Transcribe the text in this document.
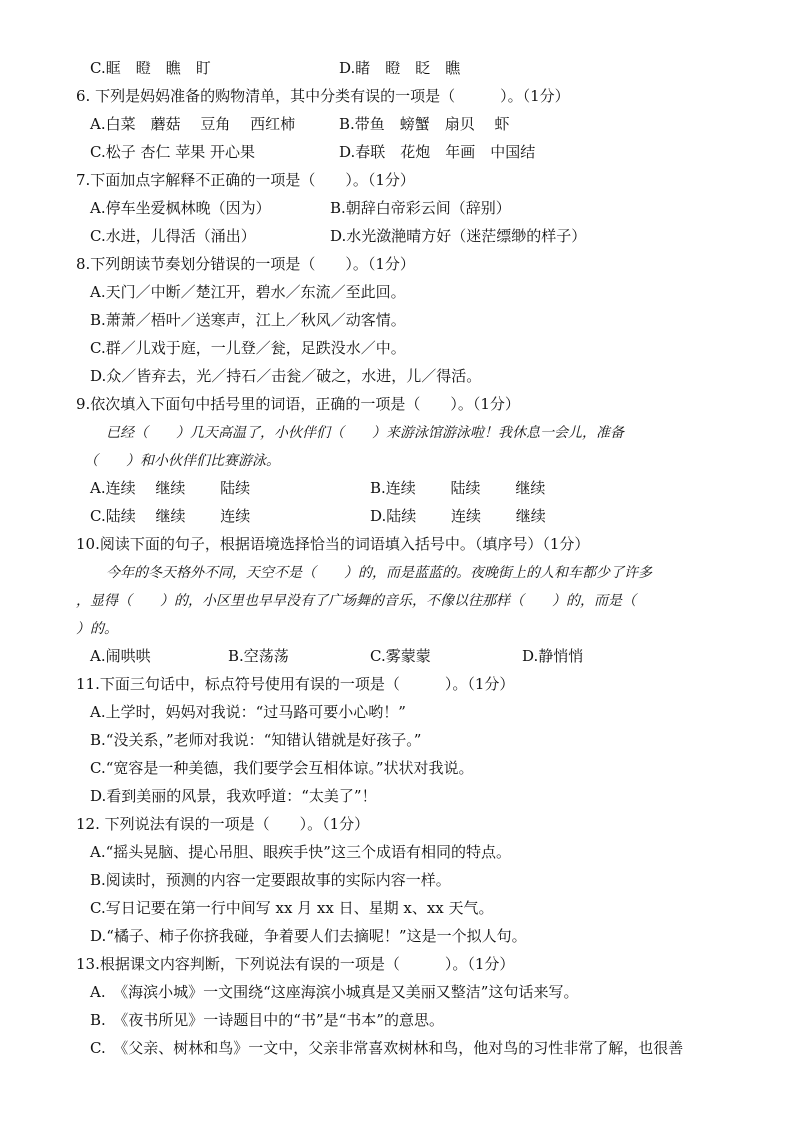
C.眶　瞪　瞧　盯	D.睹　瞪　眨　瞧
6. 下列是妈妈准备的购物清单，其中分类有误的一项是（　　　）。（1分）
A.白菜　蘑菇　 豆角　 西红柿	B.带鱼　螃蟹　扇贝　 虾
C.松子 杏仁 苹果 开心果	D.春联　花炮　年画　中国结
7.下面加点字解释不正确的一项是（　　）。（1分）
A.停车坐爱枫林晚（因为）	B.朝辞白帝彩云间（辞别）
C.水进，儿得活（涌出）	D.水光潋滟晴方好（迷茫缥缈的样子）
8.下列朗读节奏划分错误的一项是（　　）。（1分）
A.天门／中断／楚江开，碧水／东流／至此回。
B.萧萧／梧叶／送寒声，江上／秋风／动客情。
C.群／儿戏于庭，一儿登／瓮，足跌没水／中。
D.众／皆弃去，光／持石／击瓮／破之，水进，儿／得活。
9.依次填入下面句中括号里的词语，正确的一项是（　　）。（1分）
已经（　　）几天高温了，小伙伴们（　　）来游泳馆游泳啦！我休息一会儿，准备
（　　）和小伙伴们比赛游泳。
A.连续　 继续　 　陆续	B.连续　 　陆续　 　继续
C.陆续　 继续　 　连续	D.陆续　 　连续　 　继续
10.阅读下面的句子，根据语境选择恰当的词语填入括号中。（填序号）（1分）
今年的冬天格外不同，天空不是（　　）的，而是蓝蓝的。夜晚街上的人和车都少了许多
，显得（　　）的，小区里也早早没有了广场舞的音乐，不像以往那样（　　）的，而是（
）的。
A.闹哄哄	B.空荡荡	C.雾蒙蒙	D.静悄悄
11.下面三句话中，标点符号使用有误的一项是（　　　）。（1分）
A.上学时，妈妈对我说：“过马路可要小心哟！”
B.“没关系，”老师对我说：“知错认错就是好孩子。”
C.“宽容是一种美德，我们要学会互相体谅。”状状对我说。
D.看到美丽的风景，我欢呼道：“太美了”！
12. 下列说法有误的一项是（　　）。（1分）
A.“摇头晃脑、提心吊胆、眼疾手快”这三个成语有相同的特点。
B.阅读时，预测的内容一定要跟故事的实际内容一样。
C.写日记要在第一行中间写 xx 月 xx 日、星期 x、xx 天气。
D.“橘子、柿子你挤我碰，争着要人们去摘呢！”这是一个拟人句。
13.根据课文内容判断，下列说法有误的一项是（　　　）。（1分）
A.　《海滨小城》一文围绕“这座海滨小城真是又美丽又整洁”这句话来写。
B.　《夜书所见》一诗题目中的“书”是“书本”的意思。
C.　《父亲、树林和鸟》一文中，父亲非常喜欢树林和鸟，他对鸟的习性非常了解，也很善
